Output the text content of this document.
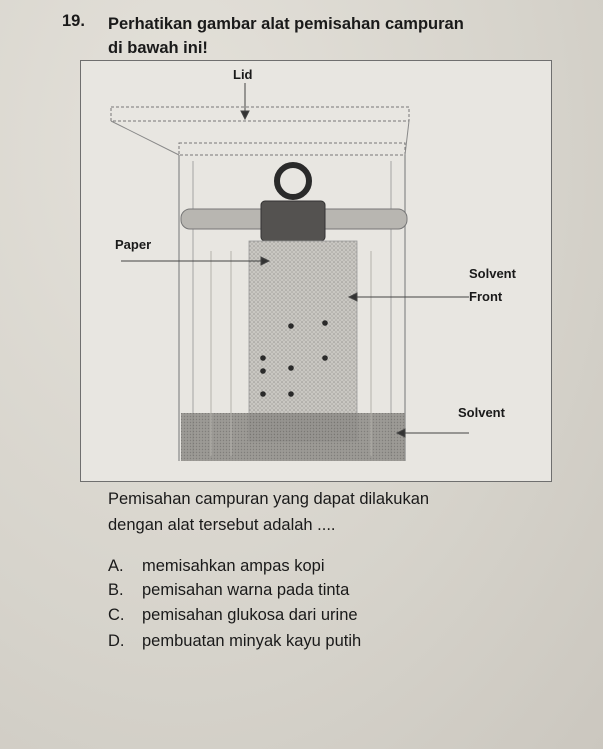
19. Perhatikan gambar alat pemisahan campuran
di bawah ini!
Lid
Paper
Solvent
Front
Solvent
Pemisahan campuran yang dapat dilakukan
dengan alat tersebut adalah ....
A. memisahkan ampas kopi
B. pemisahan warna pada tinta
C. pemisahan glukosa dari urine
D. pembuatan minyak kayu putih
